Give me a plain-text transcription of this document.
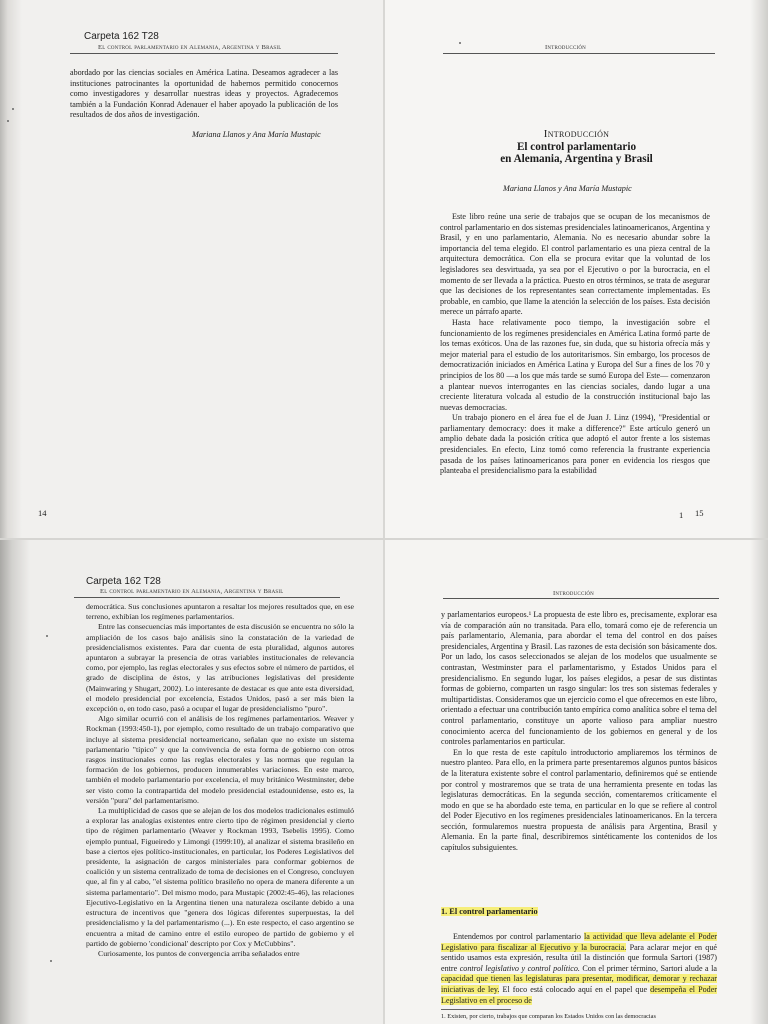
Carpeta 162 T28
El control parlamentario en Alemania, Argentina y Brasil

abordado por las ciencias sociales en América Latina. Deseamos agradecer a las instituciones patrocinantes la oportunidad de habernos permitido conocernos como investigadores y desarrollar nuestras ideas y proyectos. Agradecemos también a la Fundación Konrad Adenauer el haber apoyado la publicación de los resultados de dos años de investigación.

Mariana Llanos y Ana María Mustapic
14
Introducción
Introducción
El control parlamentario
en Alemania, Argentina y Brasil
Mariana Llanos y Ana María Mustapic

Este libro reúne una serie de trabajos que se ocupan de los mecanismos de control parlamentario en dos sistemas presidenciales latinoamericanos, Argentina y Brasil, y en uno parlamentario, Alemania. No es necesario abundar sobre la importancia del tema elegido. El control parlamentario es una pieza central de la arquitectura democrática. Con ella se procura evitar que la voluntad de los legisladores sea desvirtuada, ya sea por el Ejecutivo o por la burocracia, en el momento de ser llevada a la práctica. Puesto en otros términos, se trata de asegurar que las decisiones de los representantes sean correctamente implementadas. Es probable, en cambio, que llame la atención la selección de los países. Esta decisión merece un párrafo aparte.

Hasta hace relativamente poco tiempo, la investigación sobre el funcionamiento de los regímenes presidenciales en América Latina formó parte de los temas exóticos. Una de las razones fue, sin duda, que su historia ofrecía más y mejor material para el estudio de los autoritarismos. Sin embargo, los procesos de democratización iniciados en América Latina y Europa del Sur a fines de los 70 y principios de los 80 —a los que más tarde se sumó Europa del Este— comenzaron a plantear nuevos interrogantes en las ciencias sociales, dando lugar a una creciente literatura volcada al estudio de la construcción institucional bajo las nuevas democracias.

Un trabajo pionero en el área fue el de Juan J. Linz (1994), "Presidential or parliamentary democracy: does it make a difference?" Este artículo generó un amplio debate dada la posición crítica que adoptó el autor frente a los sistemas presidenciales. En efecto, Linz tomó como referencia la frustrante experiencia pasada de los países latinoamericanos para poner en evidencia los riesgos que planteaba el presidencialismo para la estabilidad

1 15
Carpeta 162 T28
El control parlamentario en Alemania, Argentina y Brasil

democrática. Sus conclusiones apuntaron a resaltar los mejores resultados que, en ese terreno, exhibían los regímenes parlamentarios.

Entre las consecuencias más importantes de esta discusión se encuentra no sólo la ampliación de los casos bajo análisis sino la constatación de la variedad de presidencialismos existentes. Para dar cuenta de esta pluralidad, algunos autores apuntaron a subrayar la presencia de otras variables institucionales de relevancia como, por ejemplo, las reglas electorales y sus efectos sobre el número de partidos, el grado de disciplina de éstos, y las atribuciones legislativas del presidente (Mainwaring y Shugart, 2002). Lo interesante de destacar es que ante esta diversidad, el modelo presidencial por excelencia, Estados Unidos, pasó a ser más bien la excepción o, en todo caso, pasó a ocupar el lugar de presidencialismo "puro".

Algo similar ocurrió con el análisis de los regímenes parlamentarios. Weaver y Rockman (1993:450-1), por ejemplo, como resultado de un trabajo comparativo que incluye al sistema presidencial norteamericano, señalan que no existe un sistema parlamentario "típico" y que la convivencia de esta forma de gobierno con otros rasgos institucionales como las reglas electorales y las normas que regulan la formación de los gobiernos, producen innumerables variaciones. En este marco, también el modelo parlamentario por excelencia, el muy británico Westminster, debe ser visto como la contrapartida del modelo presidencial estadounidense, esto es, la versión "pura" del parlamentarismo.

La multiplicidad de casos que se alejan de los dos modelos tradicionales estimuló a explorar las analogías existentes entre cierto tipo de régimen presidencial y cierto tipo de régimen parlamentario (Weaver y Rockman 1993, Tsebelis 1995). Como ejemplo puntual, Figueiredo y Limongi (1999:10), al analizar el sistema brasileño en base a ciertos ejes político-institucionales, en particular, los Poderes Legislativos del presidente, la asignación de cargos ministeriales para conformar gobiernos de coalición y un sistema centralizado de toma de decisiones en el Congreso, concluyen que, al fin y al cabo, "el sistema político brasileño no opera de manera diferente a un sistema parlamentario". Del mismo modo, para Mustapic (2002:45-46), las relaciones Ejecutivo-Legislativo en la Argentina tienen una naturaleza oscilante debido a una estructura de incentivos que "genera dos lógicas diferentes superpuestas, la del presidencialismo y la del parlamentarismo (...). En este respecto, el caso argentino se encuentra a mitad de camino entre el estilo europeo de partido de gobierno y el partido de gobierno 'condicional' descripto por Cox y McCubbins".

Curiosamente, los puntos de convergencia arriba señalados entre

Introducción

y parlamentarios europeos.¹ La propuesta de este libro es, precisamente, explorar esa vía de comparación aún no transitada. Para ello, tomará como eje de referencia un país parlamentario, Alemania, para abordar el tema del control en dos países presidenciales, Argentina y Brasil. Las razones de esta decisión son básicamente dos. Por un lado, los casos seleccionados se alejan de los modelos que usualmente se contrastan, Westminster para el parlamentarismo, y Estados Unidos para el presidencialismo. En segundo lugar, los países elegidos, a pesar de sus distintas formas de gobierno, comparten un rasgo singular: los tres son sistemas federales y multipartidistas. Consideramos que un ejercicio como el que ofrecemos en este libro, orientado a efectuar una contribución tanto empírica como analítica sobre el tema del control parlamentario, constituye un aporte valioso para ampliar nuestro conocimiento acerca del funcionamiento de los gobiernos en general y de los controles parlamentarios en particular.

En lo que resta de este capítulo introductorio ampliaremos los términos de nuestro planteo. Para ello, en la primera parte presentaremos algunos puntos básicos de la literatura existente sobre el control parlamentario, definiremos qué se entiende por control y mostraremos que se trata de una herramienta presente en todas las legislaturas democráticas. En la segunda sección, comentaremos críticamente el modo en que se ha abordado este tema, en particular en lo que se refiere al control del Poder Ejecutivo en los regímenes presidenciales latinoamericanos. En la tercera sección, formularemos nuestra propuesta de análisis para Argentina, Brasil y Alemania. En la parte final, describiremos sintéticamente los contenidos de los capítulos subsiguientes.

1. El control parlamentario

Entendemos por control parlamentario la actividad que lleva adelante el Poder Legislativo para fiscalizar al Ejecutivo y la burocracia. Para aclarar mejor en qué sentido usamos esta expresión, resulta útil la distinción que formula Sartori (1987) entre control legislativo y control político. Con el primer término, Sartori alude a la capacidad que tienen las legislaturas para presentar, modificar, demorar y rechazar iniciativas de ley. El foco está colocado aquí en el papel que desempeña el Poder Legislativo en el proceso de

1. Existen, por cierto, trabajos que comparan los Estados Unidos con las democracias
